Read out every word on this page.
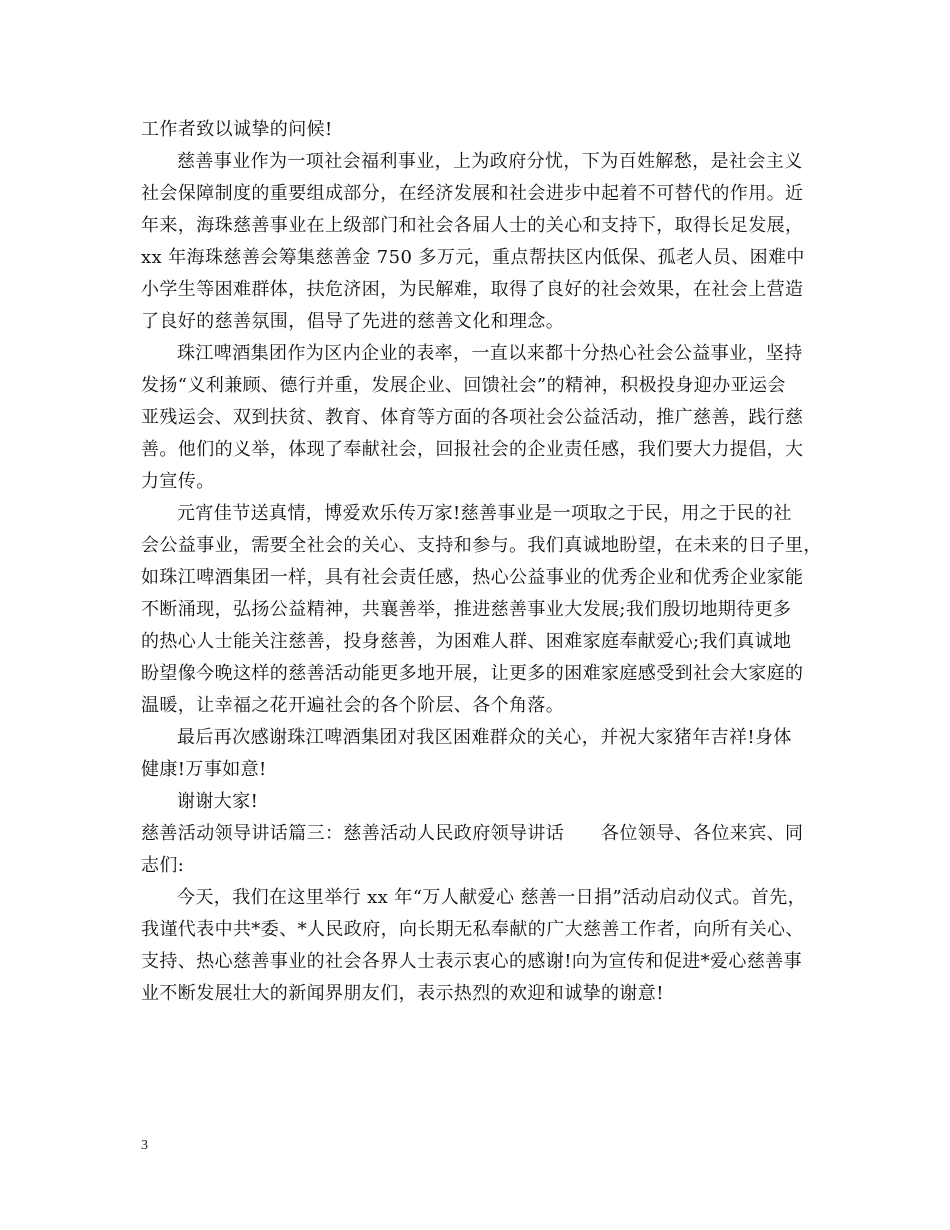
工作者致以诚挚的问候!
慈善事业作为一项社会福利事业，上为政府分忧，下为百姓解愁，是社会主义
社会保障制度的重要组成部分，在经济发展和社会进步中起着不可替代的作用。近
年来，海珠慈善事业在上级部门和社会各届人士的关心和支持下，取得长足发展，
xx 年海珠慈善会筹集慈善金 750 多万元，重点帮扶区内低保、孤老人员、困难中
小学生等困难群体，扶危济困，为民解难，取得了良好的社会效果，在社会上营造
了良好的慈善氛围，倡导了先进的慈善文化和理念。
珠江啤酒集团作为区内企业的表率，一直以来都十分热心社会公益事业，坚持
发扬“义利兼顾、德行并重，发展企业、回馈社会”的精神，积极投身迎办亚运会
亚残运会、双到扶贫、教育、体育等方面的各项社会公益活动，推广慈善，践行慈
善。他们的义举，体现了奉献社会，回报社会的企业责任感，我们要大力提倡，大
力宣传。
元宵佳节送真情，博爱欢乐传万家!慈善事业是一项取之于民，用之于民的社
会公益事业，需要全社会的关心、支持和参与。我们真诚地盼望，在未来的日子里，
如珠江啤酒集团一样，具有社会责任感，热心公益事业的优秀企业和优秀企业家能
不断涌现，弘扬公益精神，共襄善举，推进慈善事业大发展;我们殷切地期待更多
的热心人士能关注慈善，投身慈善，为困难人群、困难家庭奉献爱心;我们真诚地
盼望像今晚这样的慈善活动能更多地开展，让更多的困难家庭感受到社会大家庭的
温暖，让幸福之花开遍社会的各个阶层、各个角落。
最后再次感谢珠江啤酒集团对我区困难群众的关心，并祝大家猪年吉祥!身体
健康!万事如意!
谢谢大家!
慈善活动领导讲话篇三：慈善活动人民政府领导讲话　　各位领导、各位来宾、同
志们:
今天，我们在这里举行 xx 年“万人献爱心 慈善一日捐”活动启动仪式。首先，
我谨代表中共*委、*人民政府，向长期无私奉献的广大慈善工作者，向所有关心、
支持、热心慈善事业的社会各界人士表示衷心的感谢!向为宣传和促进*爱心慈善事
业不断发展壮大的新闻界朋友们，表示热烈的欢迎和诚挚的谢意!
3
